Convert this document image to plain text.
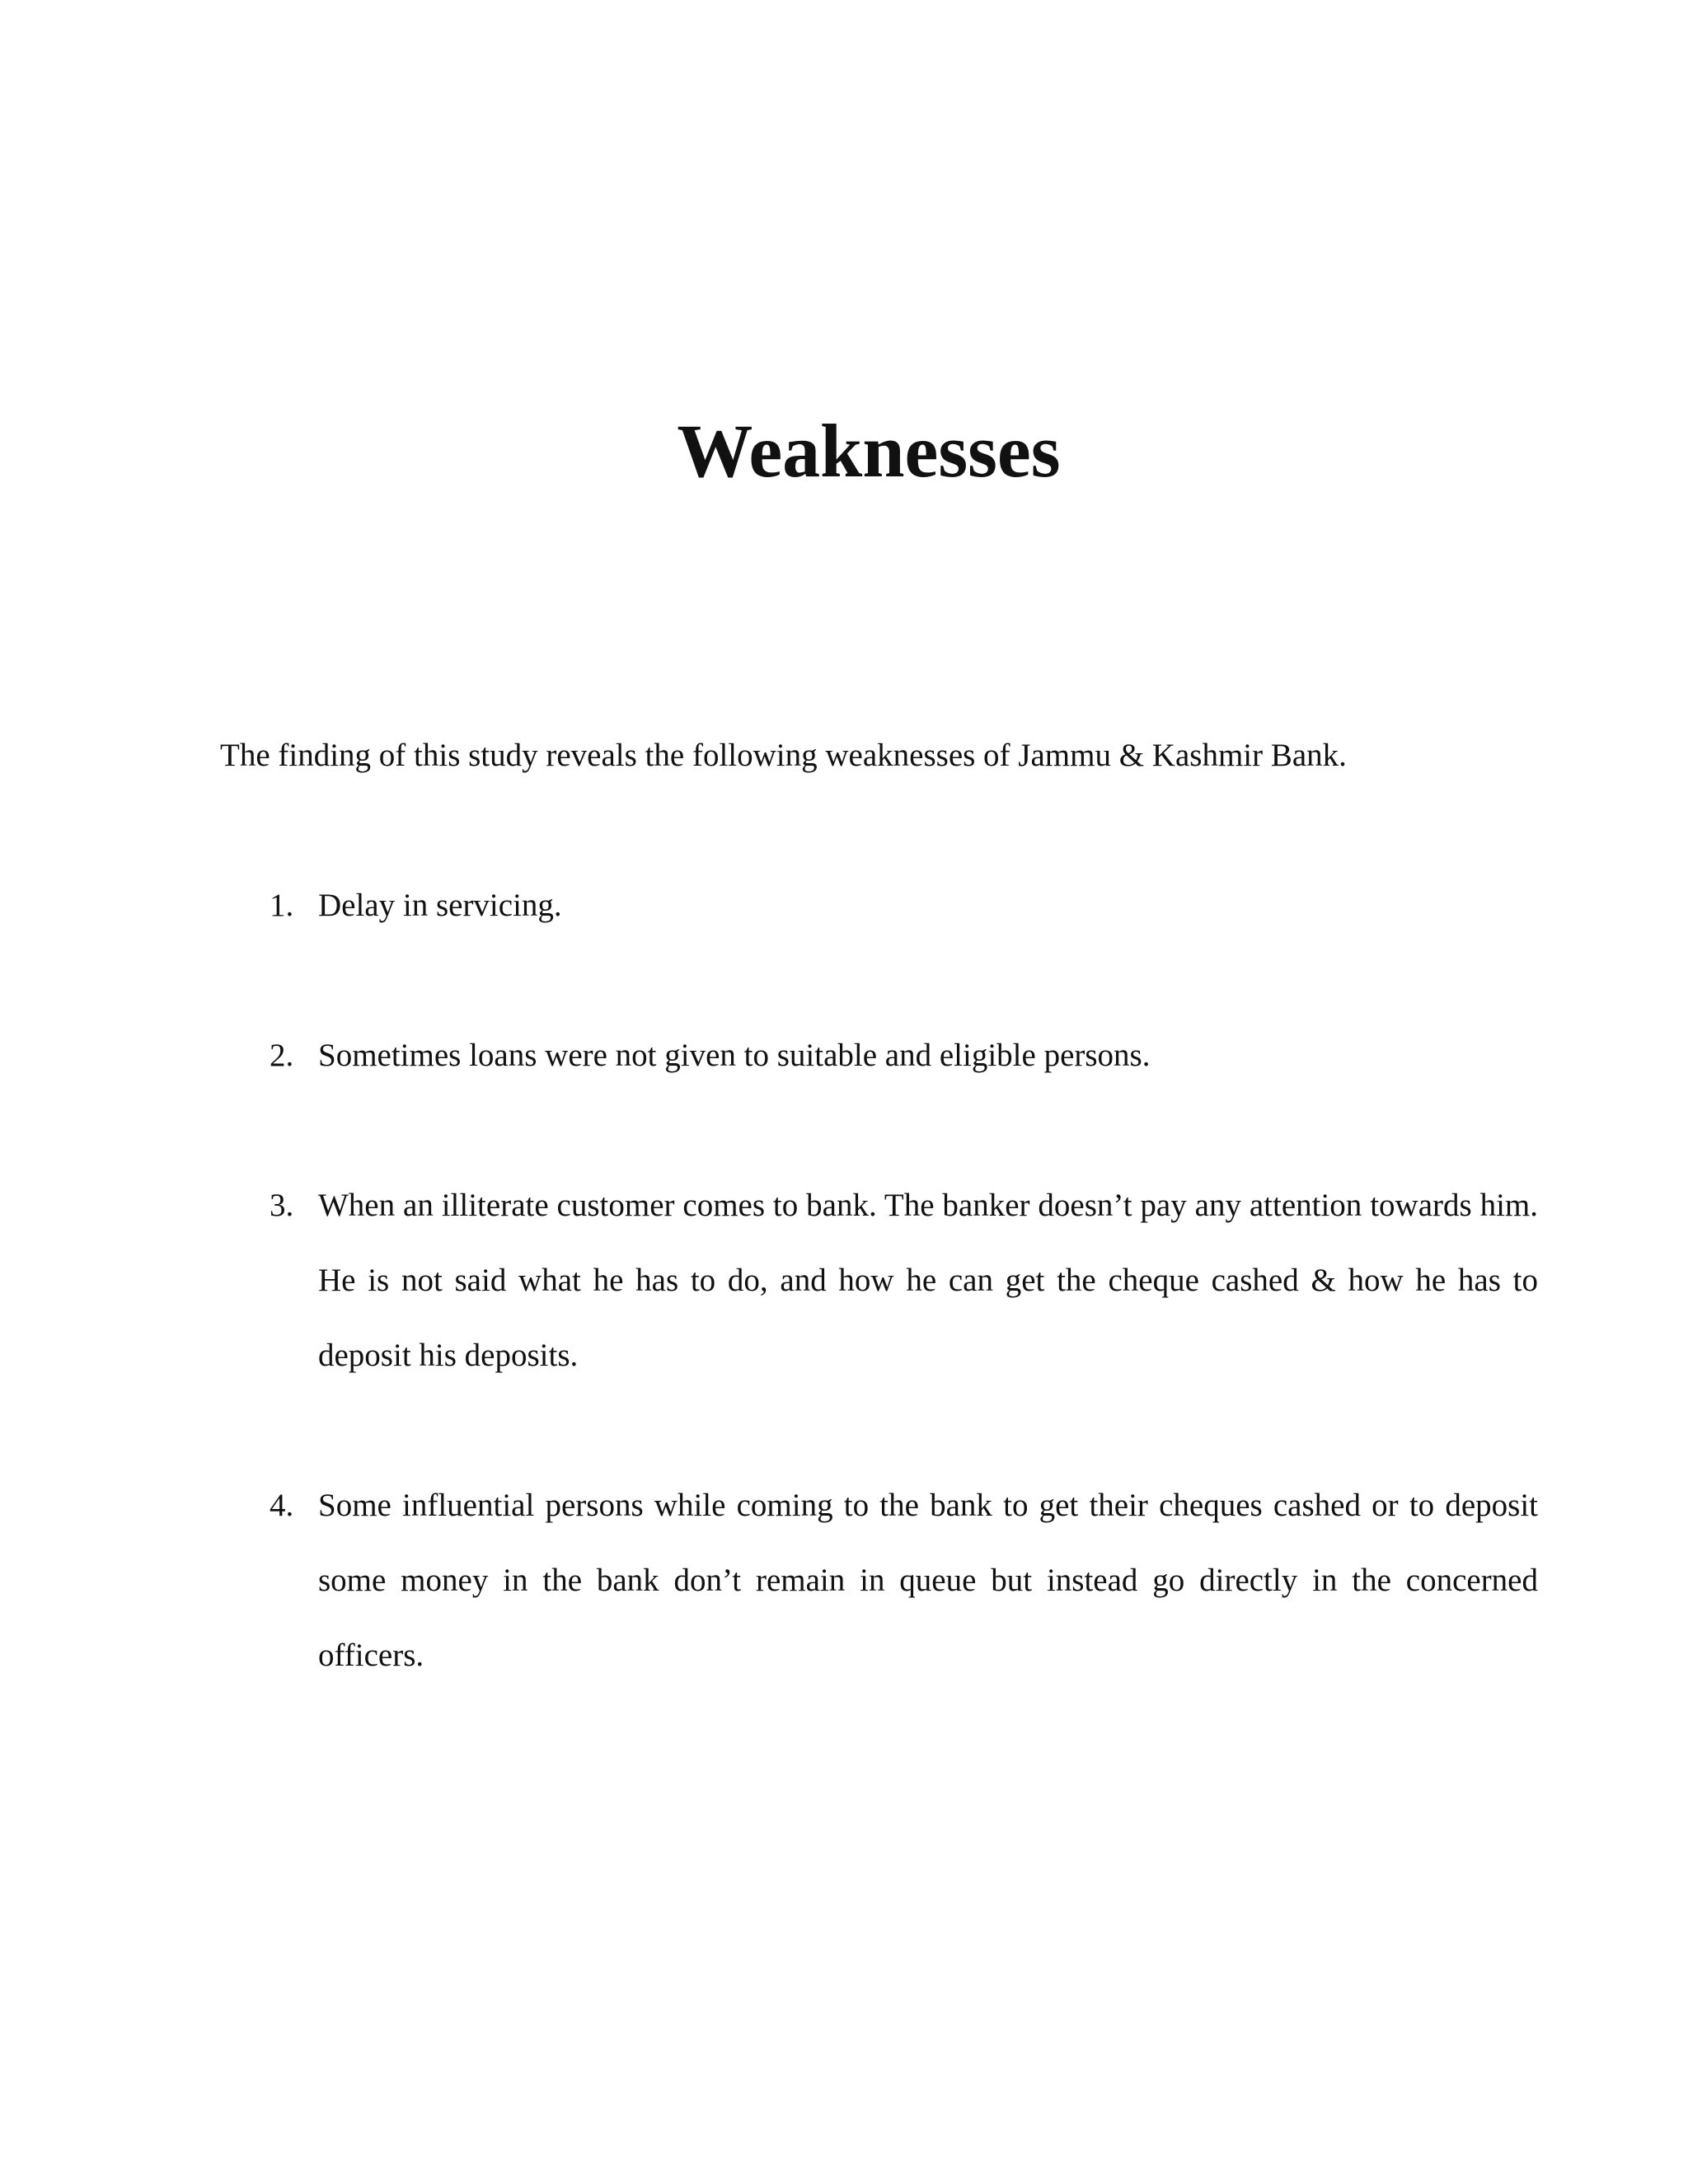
Weaknesses

The finding of this study reveals the following weaknesses of Jammu & Kashmir Bank.

1. Delay in servicing.

2. Sometimes loans were not given to suitable and eligible persons.

3. When an illiterate customer comes to bank. The banker doesn’t pay any attention towards him. He is not said what he has to do, and how he can get the cheque cashed & how he has to deposit his deposits.

4. Some influential persons while coming to the bank to get their cheques cashed or to deposit some money in the bank don’t remain in queue but instead go directly in the concerned officers.
